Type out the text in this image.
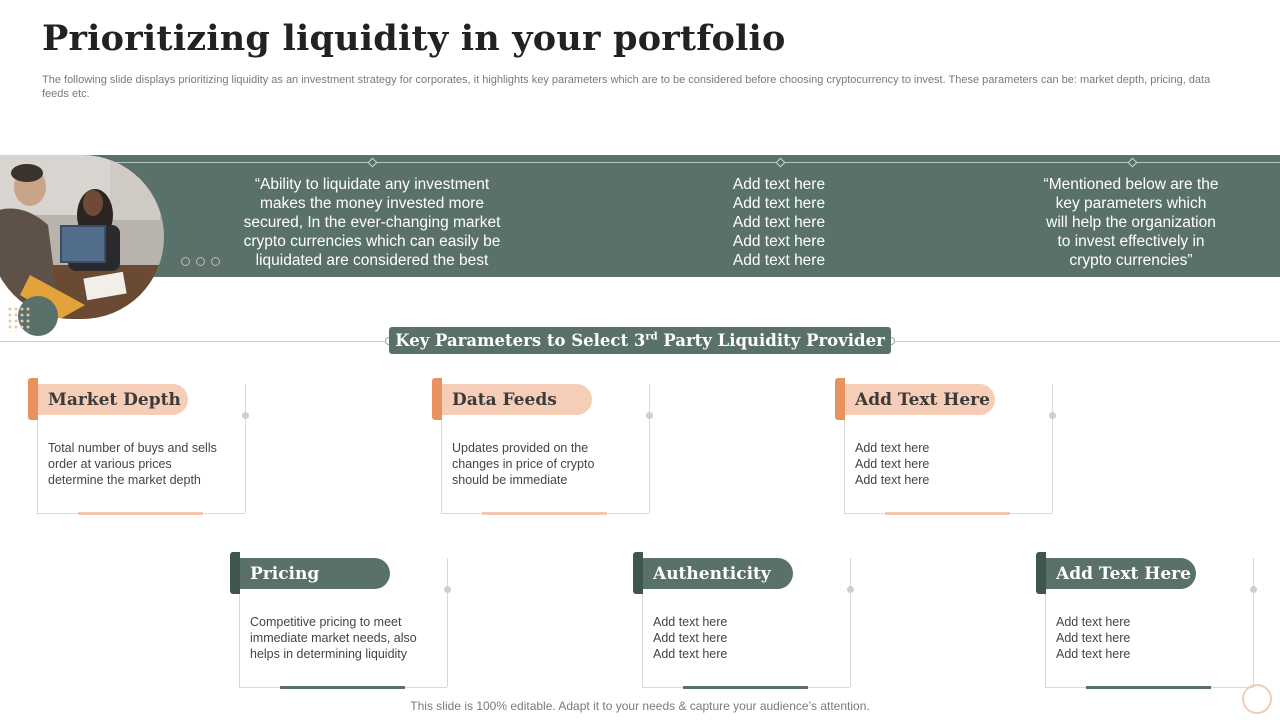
Prioritizing liquidity in your portfolio

The following slide displays prioritizing liquidity as an investment strategy for corporates, it highlights key parameters which are to be considered before choosing cryptocurrency to invest. These parameters can be: market depth, pricing, data feeds etc.

“Ability to liquidate any investment
makes the money invested more
secured, In the ever-changing market
crypto currencies which can easily be
liquidated are considered the best
Add text here
Add text here
Add text here
Add text here
Add text here
“Mentioned below are the
key parameters which
will help the organization
to invest effectively in
crypto currencies”
Key Parameters to Select 3rd Party Liquidity Provider
Market Depth
Total number of buys and sells
order at various prices
determine the market depth
Data Feeds
Updates provided on the
changes in price of crypto
should be immediate
Add Text Here
Add text here
Add text here
Add text here
Pricing
Competitive pricing to meet
immediate market needs, also
helps in determining liquidity
Authenticity
Add text here
Add text here
Add text here
Add Text Here
Add text here
Add text here
Add text here
This slide is 100% editable. Adapt it to your needs & capture your audience’s attention.
